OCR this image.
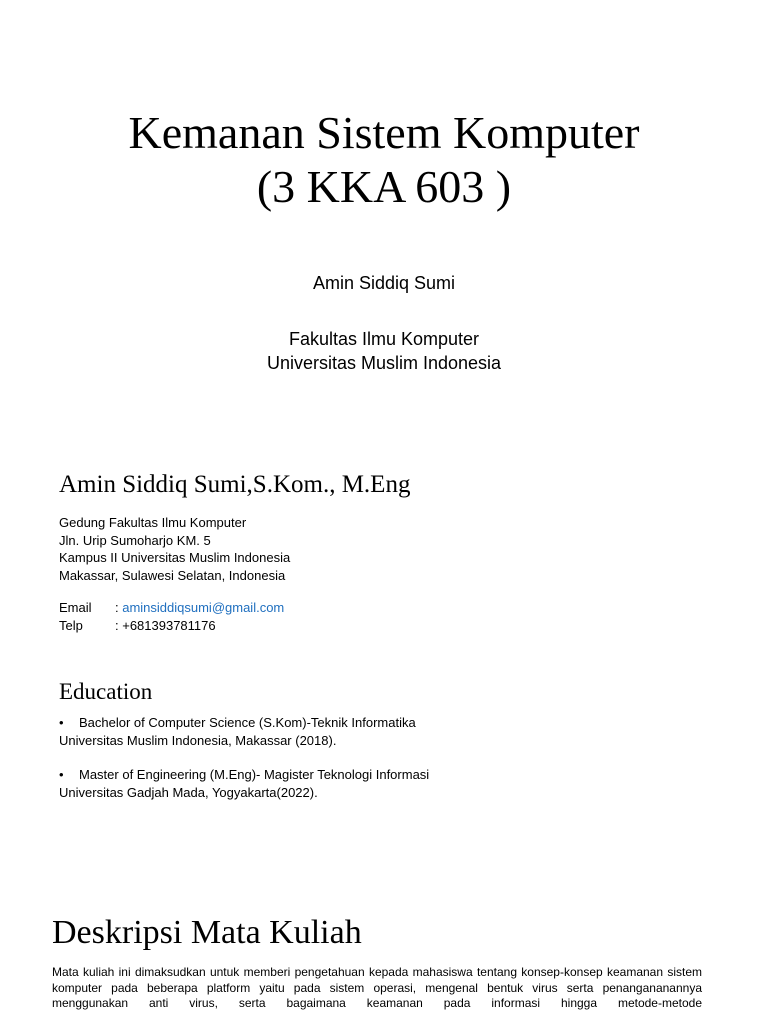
Kemanan Sistem Komputer
(3 KKA 603 )
Amin Siddiq Sumi
Fakultas Ilmu Komputer
Universitas Muslim Indonesia
Amin Siddiq Sumi,S.Kom., M.Eng
Gedung Fakultas Ilmu Komputer
Jln. Urip Sumoharjo KM. 5
Kampus II Universitas Muslim Indonesia
Makassar, Sulawesi Selatan, Indonesia
Email	: aminsiddiqsumi@gmail.com
Telp	: +681393781176
Education
• Bachelor of Computer Science (S.Kom)-Teknik Informatika
Universitas Muslim Indonesia, Makassar (2018).
• Master of Engineering (M.Eng)- Magister Teknologi Informasi
Universitas Gadjah Mada, Yogyakarta(2022).
Deskripsi Mata Kuliah
Mata kuliah ini dimaksudkan untuk memberi pengetahuan kepada mahasiswa tentang konsep-konsep keamanan sistem komputer pada beberapa platform yaitu pada sistem operasi, mengenal bentuk virus serta penangananannya menggunakan anti virus, serta bagaimana keamanan pada informasi hingga metode-metode
